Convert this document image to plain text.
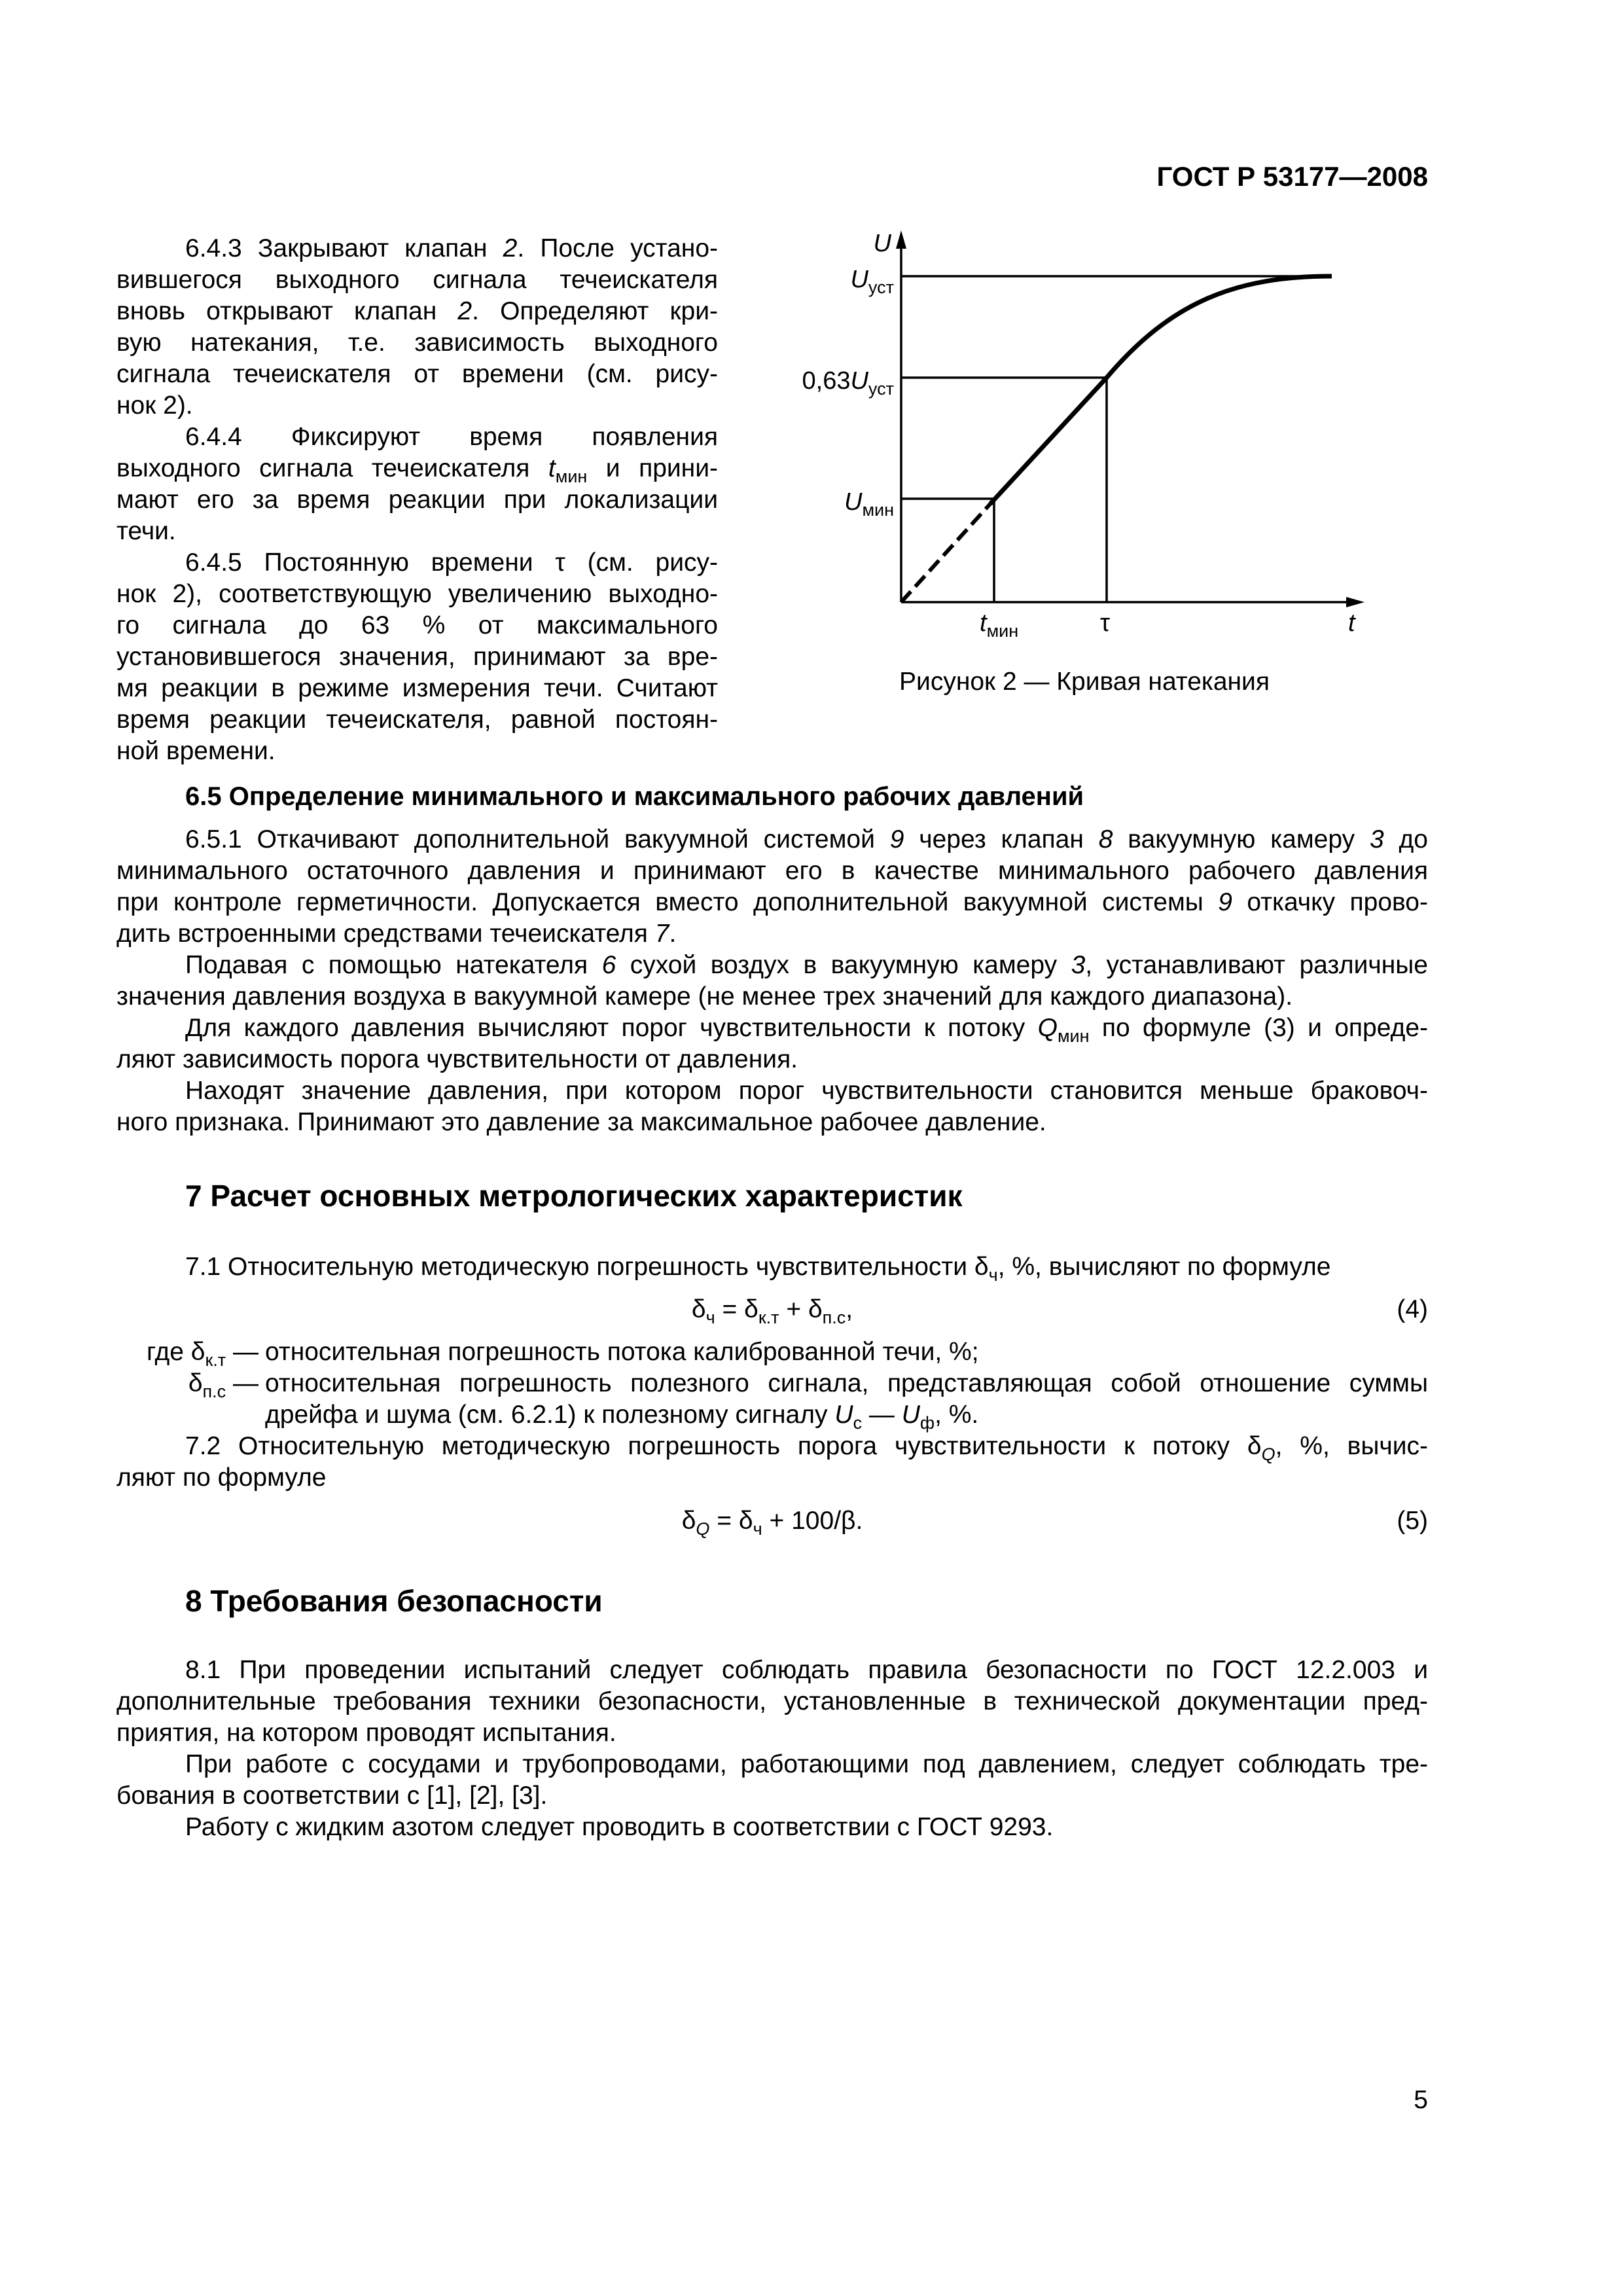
ГОСТ Р 53177—2008
6.4.3 Закрывают клапан 2. После устано-
вившегося выходного сигнала течеискателя
вновь открывают клапан 2. Определяют кри-
вую натекания, т.е. зависимость выходного
сигнала течеискателя от времени (см. рису-
нок 2).
6.4.4 Фиксируют время появления
выходного сигнала течеискателя $t_{мин}$ и прини-
мают его за время реакции при локализации
течи.
6.4.5 Постоянную времени τ (см. рису-
нок 2), соответствующую увеличению выходно-
го сигнала до 63 % от максимального
установившегося значения, принимают за вре-
мя реакции в режиме измерения течи. Считают
время реакции течеискателя, равной постоян-
ной времени.
U
$U_{уст}$
$0,63U_{уст}$
$U_{мин}$
$t_{мин}$	τ	t
Рисунок 2 — Кривая натекания
6.5 Определение минимального и максимального рабочих давлений
6.5.1 Откачивают дополнительной вакуумной системой 9 через клапан 8 вакуумную камеру 3 до
минимального остаточного давления и принимают его в качестве минимального рабочего давления
при контроле герметичности. Допускается вместо дополнительной вакуумной системы 9 откачку прово-
дить встроенными средствами течеискателя 7.
Подавая с помощью натекателя 6 сухой воздух в вакуумную камеру 3, устанавливают различные
значения давления воздуха в вакуумной камере (не менее трех значений для каждого диапазона).
Для каждого давления вычисляют порог чувствительности к потоку $Q_{мин}$ по формуле (3) и опреде-
ляют зависимость порога чувствительности от давления.
Находят значение давления, при котором порог чувствительности становится меньше браковоч-
ного признака. Принимают это давление за максимальное рабочее давление.
7 Расчет основных метрологических характеристик
7.1 Относительную методическую погрешность чувствительности $\delta_ч$, %, вычисляют по формуле
$\delta_ч = \delta_{к.т} + \delta_{п.с}$,	(4)
где $\delta_{к.т}$ — относительная погрешность потока калиброванной течи, %;
$\delta_{п.с}$ — относительная погрешность полезного сигнала, представляющая собой отношение суммы
дрейфа и шума (см. 6.2.1) к полезному сигналу $U_с$ — $U_ф$, %.
7.2 Относительную методическую погрешность порога чувствительности к потоку $\delta_Q$, %, вычис-
ляют по формуле
$\delta_Q = \delta_ч + 100/\beta$.	(5)
8 Требования безопасности
8.1 При проведении испытаний следует соблюдать правила безопасности по ГОСТ 12.2.003 и
дополнительные требования техники безопасности, установленные в технической документации пред-
приятия, на котором проводят испытания.
При работе с сосудами и трубопроводами, работающими под давлением, следует соблюдать тре-
бования в соответствии с [1], [2], [3].
Работу с жидким азотом следует проводить в соответствии с ГОСТ 9293.
5
